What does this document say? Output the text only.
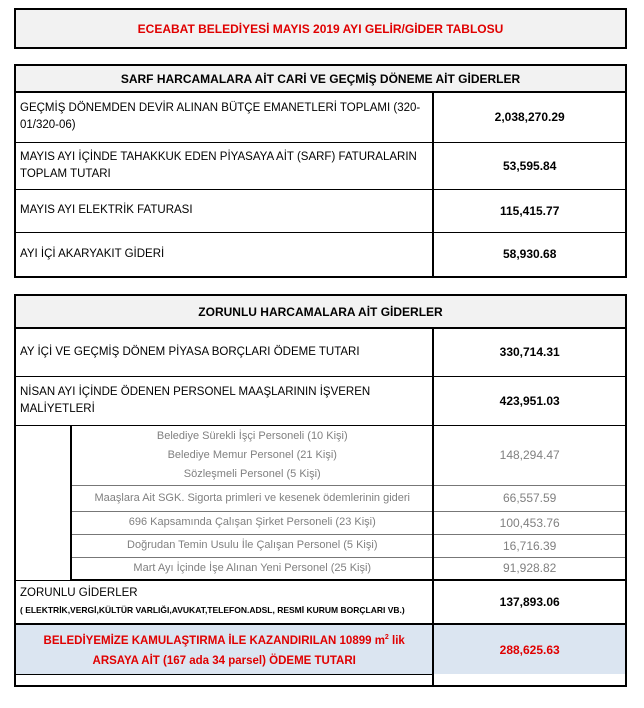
ECEABAT BELEDİYESİ MAYIS 2019 AYI GELİR/GİDER TABLOSU
SARF HARCAMALARA AİT CARİ VE GEÇMİŞ DÖNEME AİT GİDERLER	
GEÇMİŞ DÖNEMDEN DEVİR ALINAN BÜTÇE EMANETLERİ TOPLAMI (320-01/320-06)	2,038,270.29
MAYIS AYI İÇİNDE TAHAKKUK EDEN PİYASAYA AİT (SARF) FATURALARIN TOPLAM TUTARI	53,595.84
MAYIS AYI ELEKTRİK FATURASI	115,415.77
AYI İÇİ AKARYAKIT GİDERİ	58,930.68
ZORUNLU HARCAMALARA AİT GİDERLER		
AY İÇİ VE GEÇMİŞ DÖNEM PİYASA BORÇLARI ÖDEME TUTARI		330,714.31
NİSAN AYI İÇİNDE ÖDENEN PERSONEL MAAŞLARININ İŞVEREN MALİYETLERİ		423,951.03

	Belediye Sürekli İşçi Personeli (10 Kişi)
Belediye Memur Personel (21 Kişi)
Sözleşmeli Personel (5 Kişi)	148,294.47
	Maaşlara Ait SGK. Sigorta primleri ve kesenek ödemlerinin gideri	66,557.59
	696 Kapsamında Çalışan Şirket Personeli (23 Kişi)	100,453.76
	Doğrudan Temin Usulu İle Çalışan Personel (5 Kişi)	16,716.39
	Mart Ayı İçinde İşe Alınan Yeni Personel (25 Kişi)	91,928.82

ZORUNLU GİDERLER
( ELEKTRİK,VERGİ,KÜLTÜR VARLIĞI,AVUKAT,TELEFON.ADSL, RESMİ KURUM BORÇLARI VB.)		137,893.06
BELEDİYEMİZE KAMULAŞTIRMA İLE KAZANDIRILAN 10899 $m^2$ lik ARSAYA AİT (167 ada 34 parsel) ÖDEME TUTARI		288,625.63
